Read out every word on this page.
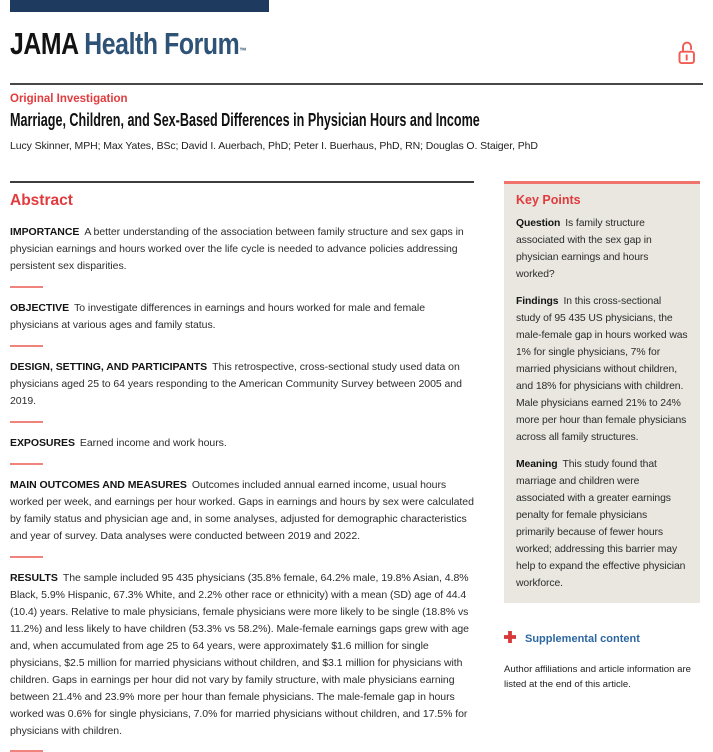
JAMA Health Forum™
Original Investigation
Marriage, Children, and Sex-Based Differences in Physician Hours and Income
Lucy Skinner, MPH; Max Yates, BSc; David I. Auerbach, PhD; Peter I. Buerhaus, PhD, RN; Douglas O. Staiger, PhD
Abstract

IMPORTANCE A better understanding of the association between family structure and sex gaps in physician earnings and hours worked over the life cycle is needed to advance policies addressing persistent sex disparities.

OBJECTIVE To investigate differences in earnings and hours worked for male and female physicians at various ages and family status.

DESIGN, SETTING, AND PARTICIPANTS This retrospective, cross-sectional study used data on physicians aged 25 to 64 years responding to the American Community Survey between 2005 and 2019.

EXPOSURES Earned income and work hours.

MAIN OUTCOMES AND MEASURES Outcomes included annual earned income, usual hours worked per week, and earnings per hour worked. Gaps in earnings and hours by sex were calculated by family status and physician age and, in some analyses, adjusted for demographic characteristics and year of survey. Data analyses were conducted between 2019 and 2022.

RESULTS The sample included 95 435 physicians (35.8% female, 64.2% male, 19.8% Asian, 4.8% Black, 5.9% Hispanic, 67.3% White, and 2.2% other race or ethnicity) with a mean (SD) age of 44.4 (10.4) years. Relative to male physicians, female physicians were more likely to be single (18.8% vs 11.2%) and less likely to have children (53.3% vs 58.2%). Male-female earnings gaps grew with age and, when accumulated from age 25 to 64 years, were approximately $1.6 million for single physicians, $2.5 million for married physicians without children, and $3.1 million for physicians with children. Gaps in earnings per hour did not vary by family structure, with male physicians earning between 21.4% and 23.9% more per hour than female physicians. The male-female gap in hours worked was 0.6% for single physicians, 7.0% for married physicians without children, and 17.5% for physicians with children.

Key Points

Question Is family structure associated with the sex gap in physician earnings and hours worked?

Findings In this cross-sectional study of 95 435 US physicians, the male-female gap in hours worked was 1% for single physicians, 7% for married physicians without children, and 18% for physicians with children. Male physicians earned 21% to 24% more per hour than female physicians across all family structures.

Meaning This study found that marriage and children were associated with a greater earnings penalty for female physicians primarily because of fewer hours worked; addressing this barrier may help to expand the effective physician workforce.

Supplemental content

Author affiliations and article information are listed at the end of this article.
